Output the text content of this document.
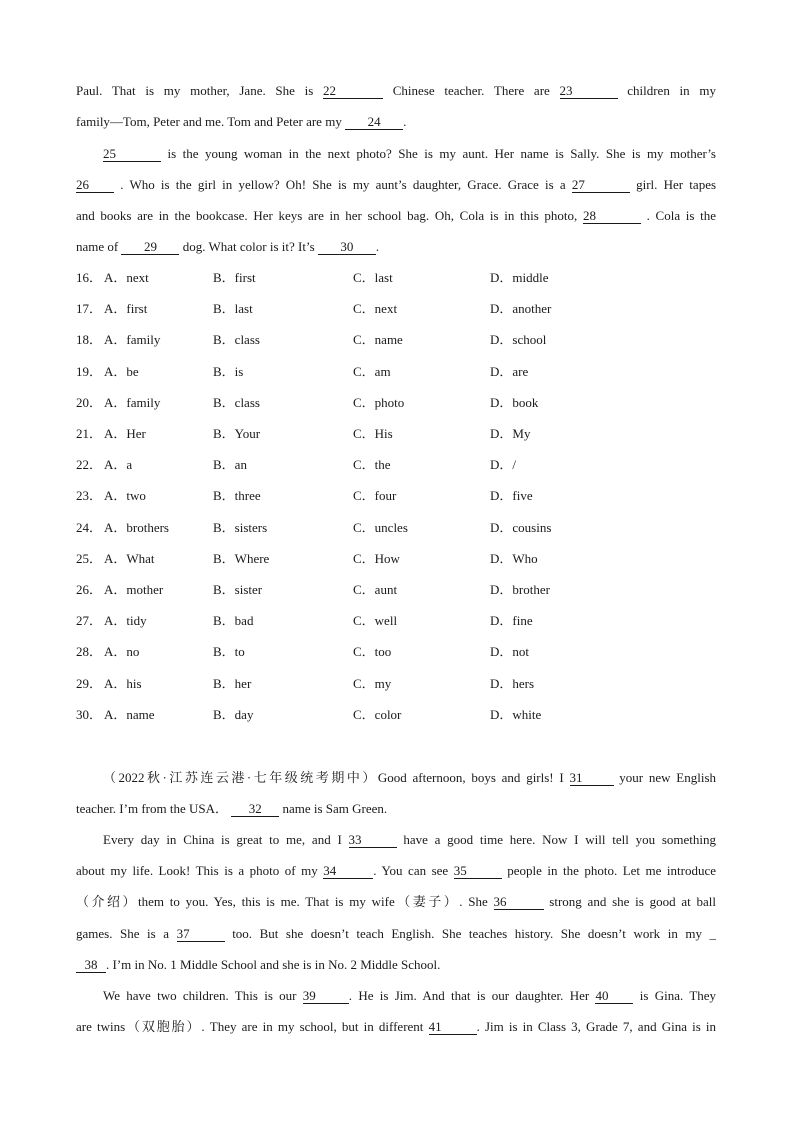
Paul. That is my mother, Jane. She is 22	Chinese teacher. There are 23	children in my
family—Tom, Peter and me. Tom and Peter are my 24 .
25	is the young woman in the next photo? She is my aunt. Her name is Sally. She is my mother’s
26 . Who is the girl in yellow? Oh! She is my aunt’s daughter, Grace. Grace is a 27	girl. Her tapes
and books are in the bookcase. Her keys are in her school bag. Oh, Cola is in this photo, 28	. Cola is the
name of 29 dog. What color is it? It’s 30 .
16． A．next	B．first	C．last	D．middle
17． A．first	B．last	C．next	D．another
18． A．family	B．class	C．name	D．school
19． A．be	B．is	C．am	D．are
20． A．family	B．class	C．photo	D．book
21． A．Her	B．Your	C．His	D．My
22． A．a	B．an	C．the	D．/
23． A．two	B．three	C．four	D．five
24． A．brothers	B．sisters	C．uncles	D．cousins
25． A．What	B．Where	C．How	D．Who
26． A．mother	B．sister	C．aunt	D．brother
27． A．tidy	B．bad	C．well	D．fine
28． A．no	B．to	C．too	D．not
29． A．his	B．her	C．my	D．hers
30． A．name	B．day	C．color	D．white
（2022秋·江苏连云港·七年级统考期中）Good afternoon, boys and girls! I 31	your new English
teacher. I’m from the USA． 32 name is Sam Green.
Every day in China is great to me, and I 33	have a good time here. Now I will tell you something
about my life. Look! This is a photo of my 34	. You can see 35	people in the photo. Let me introduce
（介绍）them to you. Yes, this is me. That is my wife（妻子）. She 36	strong and she is good at ball
games. She is a 37	too. But she doesn’t teach English. She teaches history. She doesn’t work in my _
38 . I’m in No. 1 Middle School and she is in No. 2 Middle School.
We have two children. This is our 39	. He is Jim. And that is our daughter. Her 40 is Gina. They
are twins（双胞胎）. They are in my school, but in different 41	. Jim is in Class 3, Grade 7, and Gina is in
